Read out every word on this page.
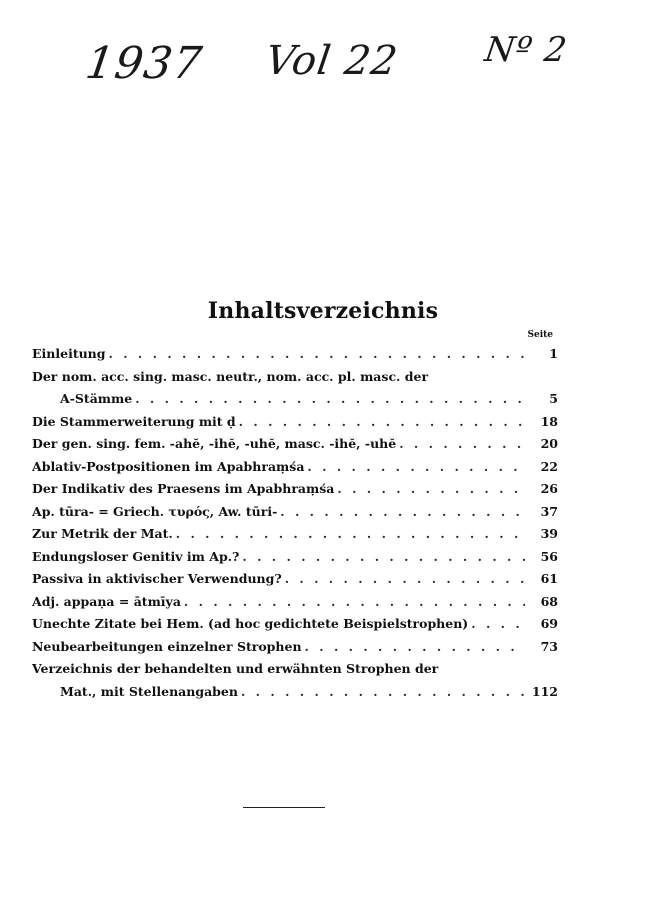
1937 Vol 22 Nº 2
Inhaltsverzeichnis
Seite
Einleitung . . .	1
Der nom. acc. sing. masc. neutr., nom. acc. pl. masc. der
A-Stämme . . .	5
Die Stammerweiterung mit ḍ . . .	18
Der gen. sing. fem. -ahĕ, -ihĕ, -uhĕ, masc. -ihĕ, -uhĕ . . .	20
Ablativ-Postpositionen im Apabhraṃśa . . .	22
Der Indikativ des Praesens im Apabhraṃśa . . .	26
Ap. tūra- = Griech. τυρός, Aw. tūri- . . .	37
Zur Metrik der Mat. . . .	39
Endungsloser Genitiv im Ap.? . . .	56
Passiva in aktivischer Verwendung? . . .	61
Adj. appaṇa = ātmīya . . .	68
Unechte Zitate bei Hem. (ad hoc gedichtete Beispielstrophen) . . .	69
Neubearbeitungen einzelner Strophen . . .	73
Verzeichnis der behandelten und erwähnten Strophen der
Mat., mit Stellenangaben . . .	112
